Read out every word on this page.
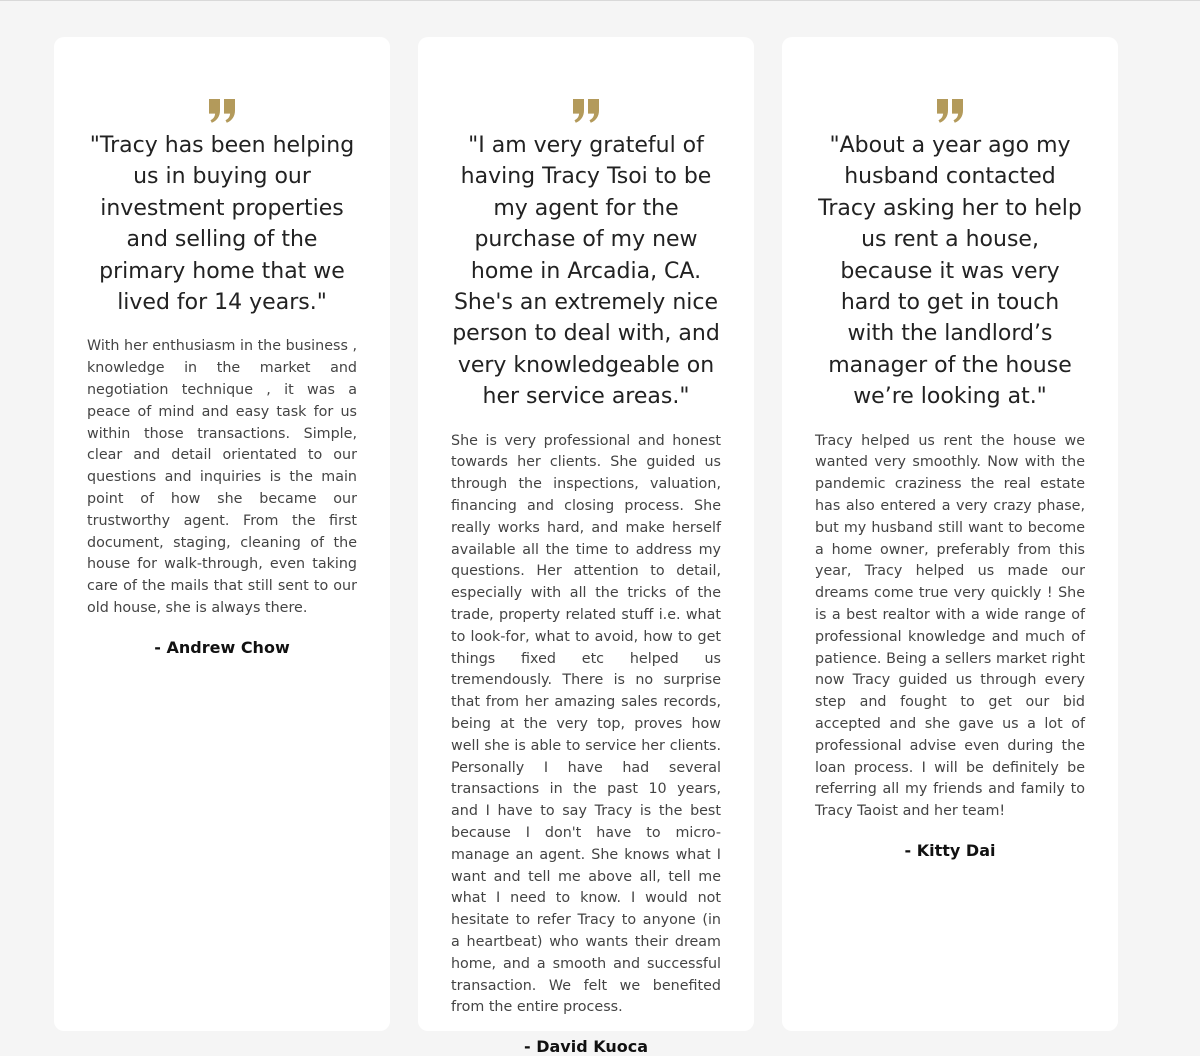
"Tracy has been helping us in buying our investment properties and selling of the primary home that we lived for 14 years."

With her enthusiasm in the business , knowledge in the market and negotiation technique , it was a peace of mind and easy task for us within those transactions. Simple, clear and detail orientated to our questions and inquiries is the main point of how she became our trustworthy agent. From the first document, staging, cleaning of the house for walk-through, even taking care of the mails that still sent to our old house, she is always there.

- Andrew Chow

"I am very grateful of having Tracy Tsoi to be my agent for the purchase of my new home in Arcadia, CA. She's an extremely nice person to deal with, and very knowledgeable on her service areas."

She is very professional and honest towards her clients. She guided us through the inspections, valuation, financing and closing process. She really works hard, and make herself available all the time to address my questions. Her attention to detail, especially with all the tricks of the trade, property related stuff i.e. what to look-for, what to avoid, how to get things fixed etc helped us tremendously. There is no surprise that from her amazing sales records, being at the very top, proves how well she is able to service her clients. Personally I have had several transactions in the past 10 years, and I have to say Tracy is the best because I don't have to micro-manage an agent. She knows what I want and tell me above all, tell me what I need to know. I would not hesitate to refer Tracy to anyone (in a heartbeat) who wants their dream home, and a smooth and successful transaction. We felt we benefited from the entire process.

- David Kuoca

"About a year ago my husband contacted Tracy asking her to help us rent a house, because it was very hard to get in touch with the landlord’s manager of the house we’re looking at."

Tracy helped us rent the house we wanted very smoothly. Now with the pandemic craziness the real estate has also entered a very crazy phase, but my husband still want to become a home owner, preferably from this year, Tracy helped us made our dreams come true very quickly ! She is a best realtor with a wide range of professional knowledge and much of patience. Being a sellers market right now Tracy guided us through every step and fought to get our bid accepted and she gave us a lot of professional advise even during the loan process. I will be definitely be referring all my friends and family to Tracy Taoist and her team!

- Kitty Dai
